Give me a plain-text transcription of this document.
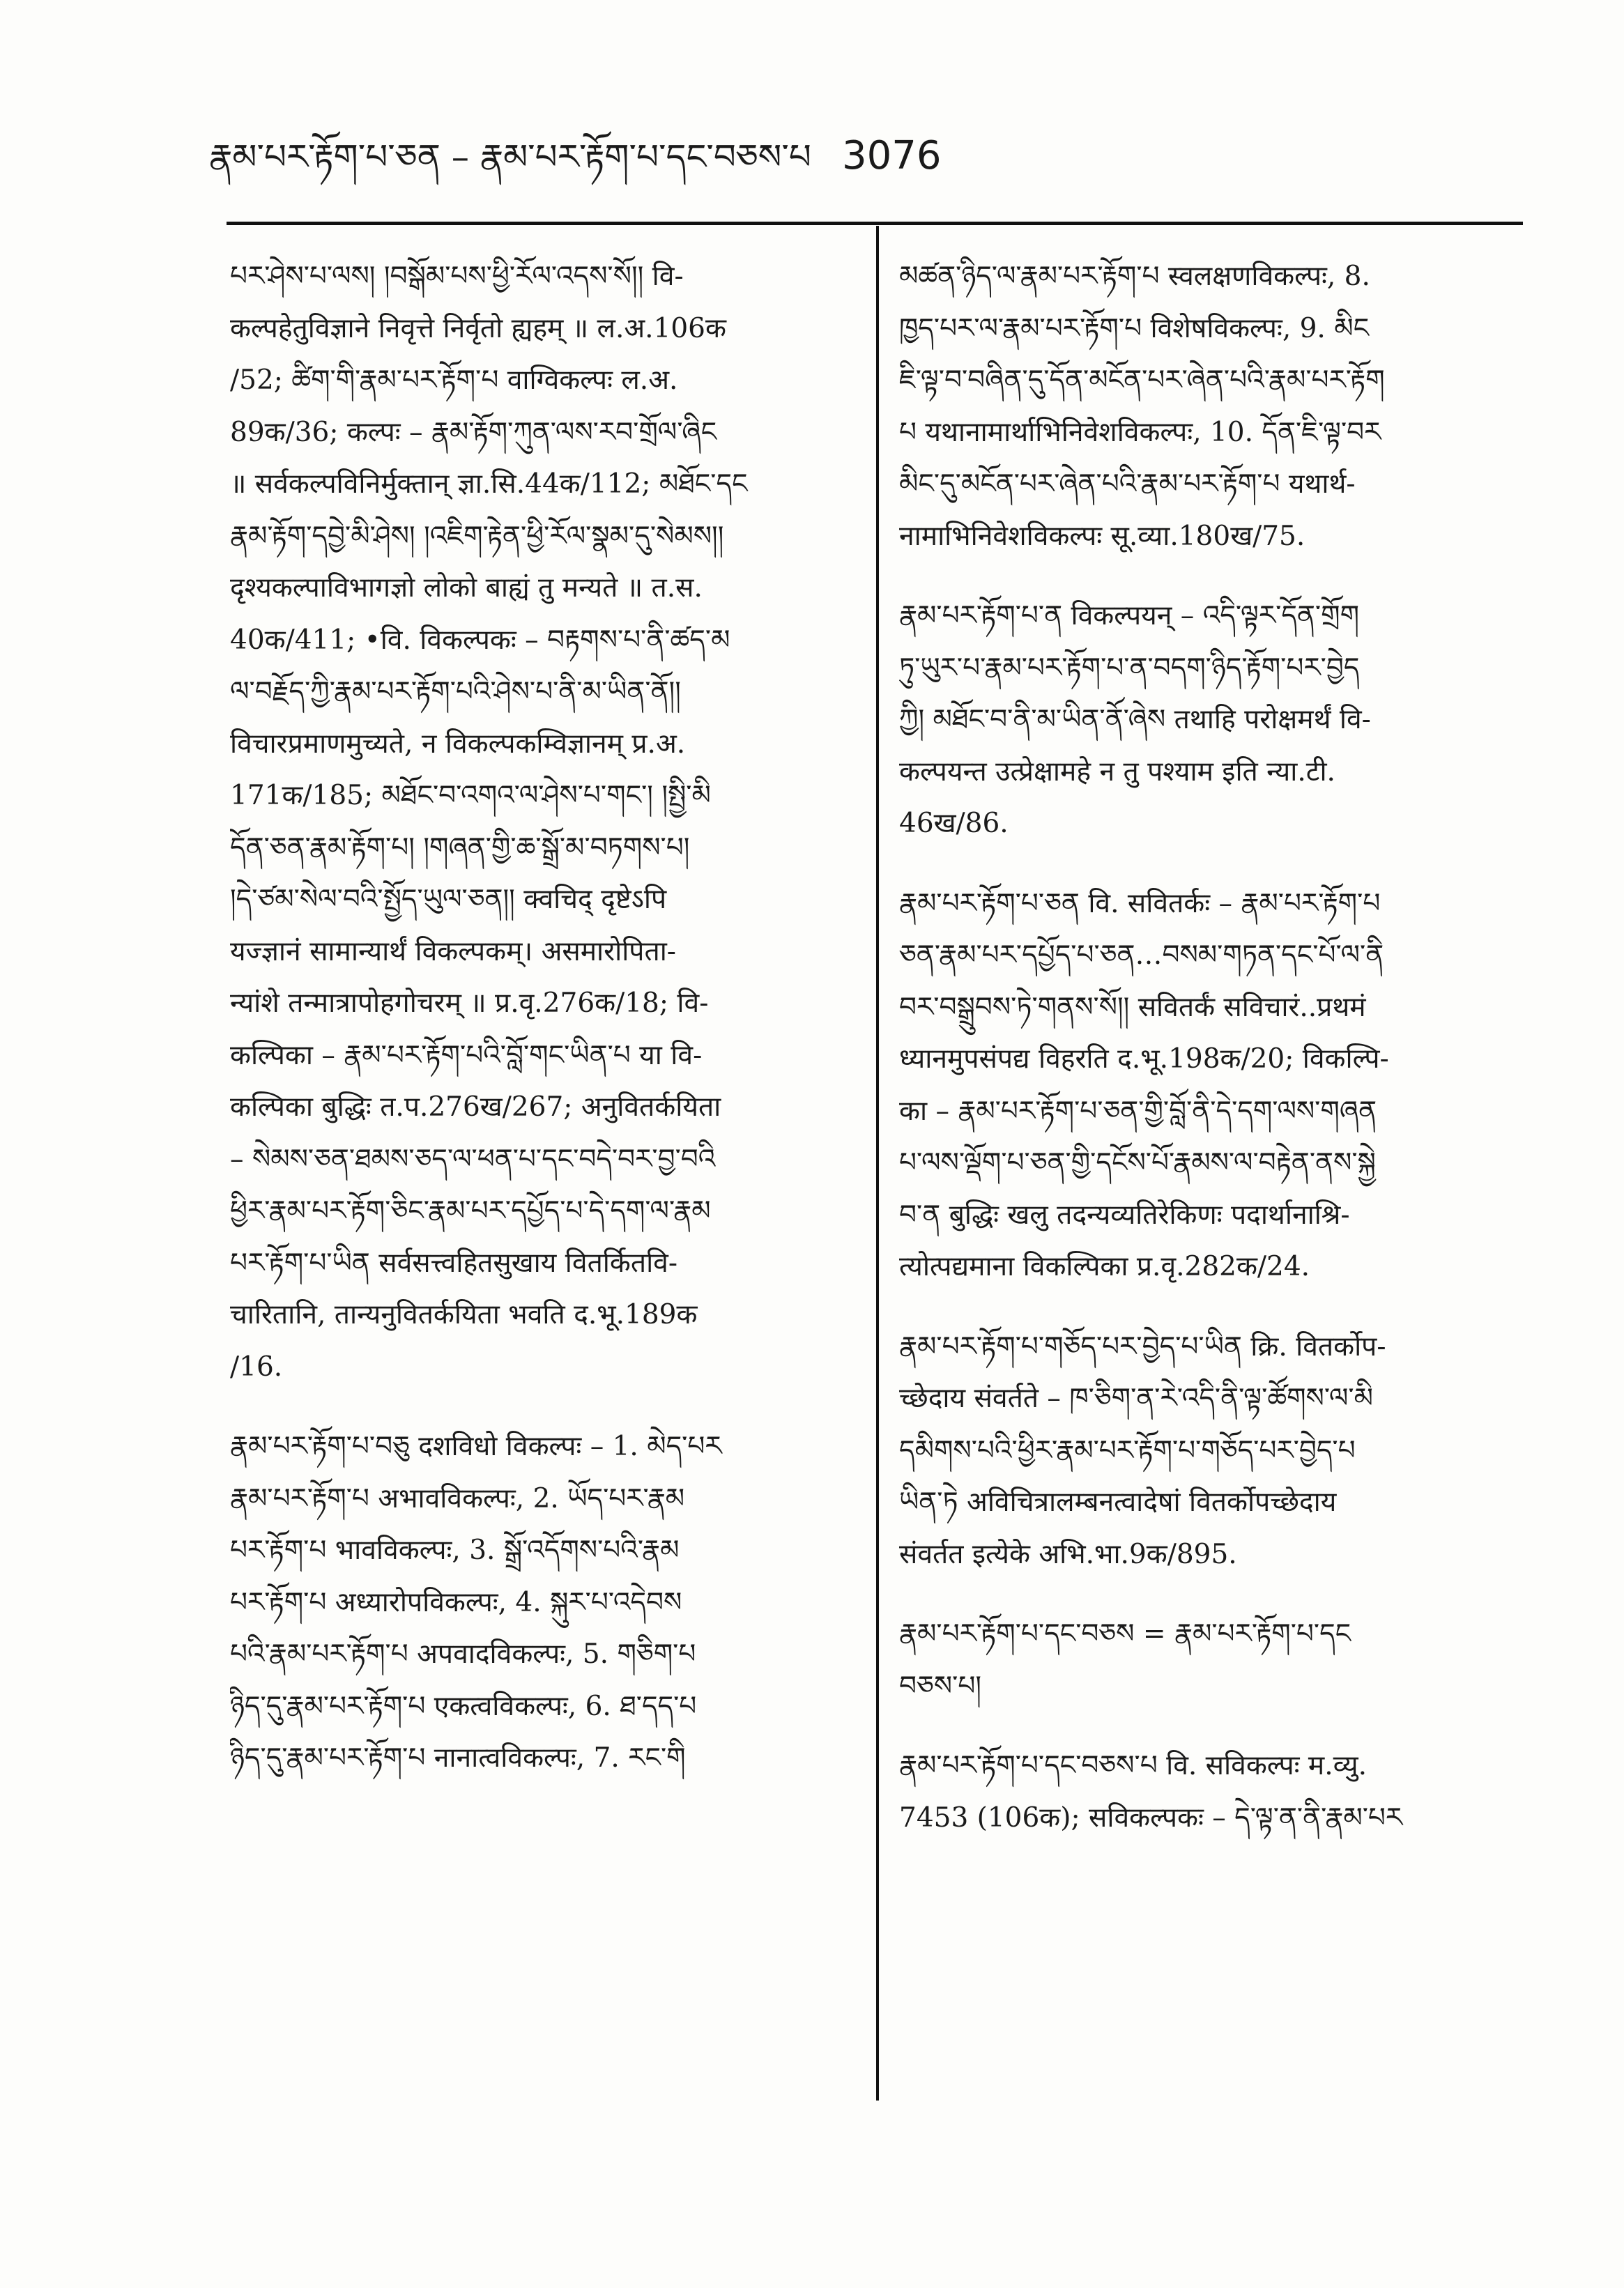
རྣམ་པར་རྟོག་པ་ཅན – རྣམ་པར་རྟོག་པ་དང་བཅས་པ 3076
པར་ཤེས་པ་ལས། །བསྒོམ་པས་ཕྱི་རོལ་འདས་སོ།། वि-
कल्पहेतुविज्ञाने निवृत्ते निर्वृतो ह्यहम् ॥ ल.अ.106क
/52; ཚིག་གི་རྣམ་པར་རྟོག་པ वाग्विकल्पः ल.अ.
89क/36; कल्पः – རྣམ་རྟོག་ཀུན་ལས་རབ་གྲོལ་ཞིང
॥ सर्वकल्पविनिर्मुक्तान् ज्ञा.सि.44क/112; མཐོང་དང
རྣམ་རྟོག་དབྱེ་མི་ཤེས། །འཇིག་རྟེན་ཕྱི་རོལ་སྣམ་དུ་སེམས།།
दृश्यकल्पाविभागज्ञो लोको बाह्यं तु मन्यते ॥ त.स.
40क/411; •वि. विकल्पकः – བརྟགས་པ་ནི་ཚད་མ
ལ་བརྗོད་ཀྱི་རྣམ་པར་རྟོག་པའི་ཤེས་པ་ནི་མ་ཡིན་ནོ།།
विचारप्रमाणमुच्यते, न विकल्पकम्विज्ञानम् प्र.अ.
171क/185; མཐོང་བ་འགའ་ལ་ཤེས་པ་གང་། །སྤྱི་མི
དོན་ཅན་རྣམ་རྟོག་པ། །གཞན་གྱི་ཆ་སྒྲོ་མ་བཏགས་པ།
།དེ་ཙམ་སེལ་བའི་སྤྱོད་ཡུལ་ཅན།། क्वचिद् दृष्टेऽपि
यज्ज्ञानं सामान्यार्थं विकल्पकम्। असमारोपिता-
न्यांशे तन्मात्रापोहगोचरम् ॥ प्र.वृ.276क/18; वि-
कल्पिका – རྣམ་པར་རྟོག་པའི་བློ་གང་ཡིན་པ या वि-
कल्पिका बुद्धिः त.प.276ख/267; अनुवितर्कयिता
– སེམས་ཅན་ཐམས་ཅད་ལ་ཕན་པ་དང་བདེ་བར་བྱ་བའི
ཕྱིར་རྣམ་པར་རྟོག་ཅིང་རྣམ་པར་དཔྱོད་པ་དེ་དག་ལ་རྣམ
པར་རྟོག་པ་ཡིན सर्वसत्त्वहितसुखाय वितर्कितवि-
चारितानि, तान्यनुवितर्कयिता भवति द.भू.189क
/16.
རྣམ་པར་རྟོག་པ་བཅུ दशविधो विकल्पः – 1. མེད་པར
རྣམ་པར་རྟོག་པ अभावविकल्पः, 2. ཡོད་པར་རྣམ
པར་རྟོག་པ भावविकल्पः, 3. སྒྲོ་འདོགས་པའི་རྣམ
པར་རྟོག་པ अध्यारोपविकल्पः, 4. སྐུར་པ་འདེབས
པའི་རྣམ་པར་རྟོག་པ अपवादविकल्पः, 5. གཅིག་པ
ཉིད་དུ་རྣམ་པར་རྟོག་པ एकत्वविकल्पः, 6. ཐ་དད་པ
ཉིད་དུ་རྣམ་པར་རྟོག་པ नानात्वविकल्पः, 7. རང་གི
མཚན་ཉིད་ལ་རྣམ་པར་རྟོག་པ स्वलक्षणविकल्पः, 8.
ཁྱད་པར་ལ་རྣམ་པར་རྟོག་པ विशेषविकल्पः, 9. མིང
ཇི་ལྟ་བ་བཞིན་དུ་དོན་མངོན་པར་ཞེན་པའི་རྣམ་པར་རྟོག
པ यथानामार्थाभिनिवेशविकल्पः, 10. དོན་ཇི་ལྟ་བར
མིང་དུ་མངོན་པར་ཞེན་པའི་རྣམ་པར་རྟོག་པ यथार्थ-
नामाभिनिवेशविकल्पः सू.व्या.180ख/75.
རྣམ་པར་རྟོག་པ་ན विकल्पयन् – འདི་ལྟར་དོན་གྲོག
ཏུ་ཡུར་པ་རྣམ་པར་རྟོག་པ་ན་བདག་ཉིད་རྟོག་པར་བྱེད
ཀྱི། མཐོང་བ་ནི་མ་ཡིན་ནོ་ཞེས तथाहि परोक्षमर्थं वि-
कल्पयन्त उत्प्रेक्षामहे न तु पश्याम इति न्या.टी.
46ख/86.
རྣམ་པར་རྟོག་པ་ཅན वि. सवितर्कः – རྣམ་པར་རྟོག་པ
ཅན་རྣམ་པར་དཔྱོད་པ་ཅན…བསམ་གཏན་དང་པོ་ལ་ནི
བར་བསྒྲུབས་ཏེ་གནས་སོ།། सवितर्कं सविचारं..प्रथमं
ध्यानमुपसंपद्य विहरति द.भू.198क/20; विकल्पि-
का – རྣམ་པར་རྟོག་པ་ཅན་གྱི་བློ་ནི་དེ་དག་ལས་གཞན
པ་ལས་ལྡོག་པ་ཅན་གྱི་དངོས་པོ་རྣམས་ལ་བརྟེན་ནས་སྐྱེ
བ་ན बुद्धिः खलु तदन्यव्यतिरेकिणः पदार्थानाश्रि-
त्योत्पद्यमाना विकल्पिका प्र.वृ.282क/24.
རྣམ་པར་རྟོག་པ་གཅོད་པར་བྱེད་པ་ཡིན क्रि. वितर्कोप-
च्छेदाय संवर्तते – ཁ་ཅིག་ན་རེ་འདི་ནི་ལྟ་ཚོགས་ལ་མི
དམིགས་པའི་ཕྱིར་རྣམ་པར་རྟོག་པ་གཅོད་པར་བྱེད་པ
ཡིན་ཏེ अविचित्रालम्बनत्वादेषां वितर्कोपच्छेदाय
संवर्तत इत्येके अभि.भा.9क/895.
རྣམ་པར་རྟོག་པ་དང་བཅས = རྣམ་པར་རྟོག་པ་དང
བཅས་པ།
རྣམ་པར་རྟོག་པ་དང་བཅས་པ वि. सविकल्पः म.व्यु.
7453 (106क); सविकल्पकः – དེ་ལྟ་ན་ནི་རྣམ་པར
